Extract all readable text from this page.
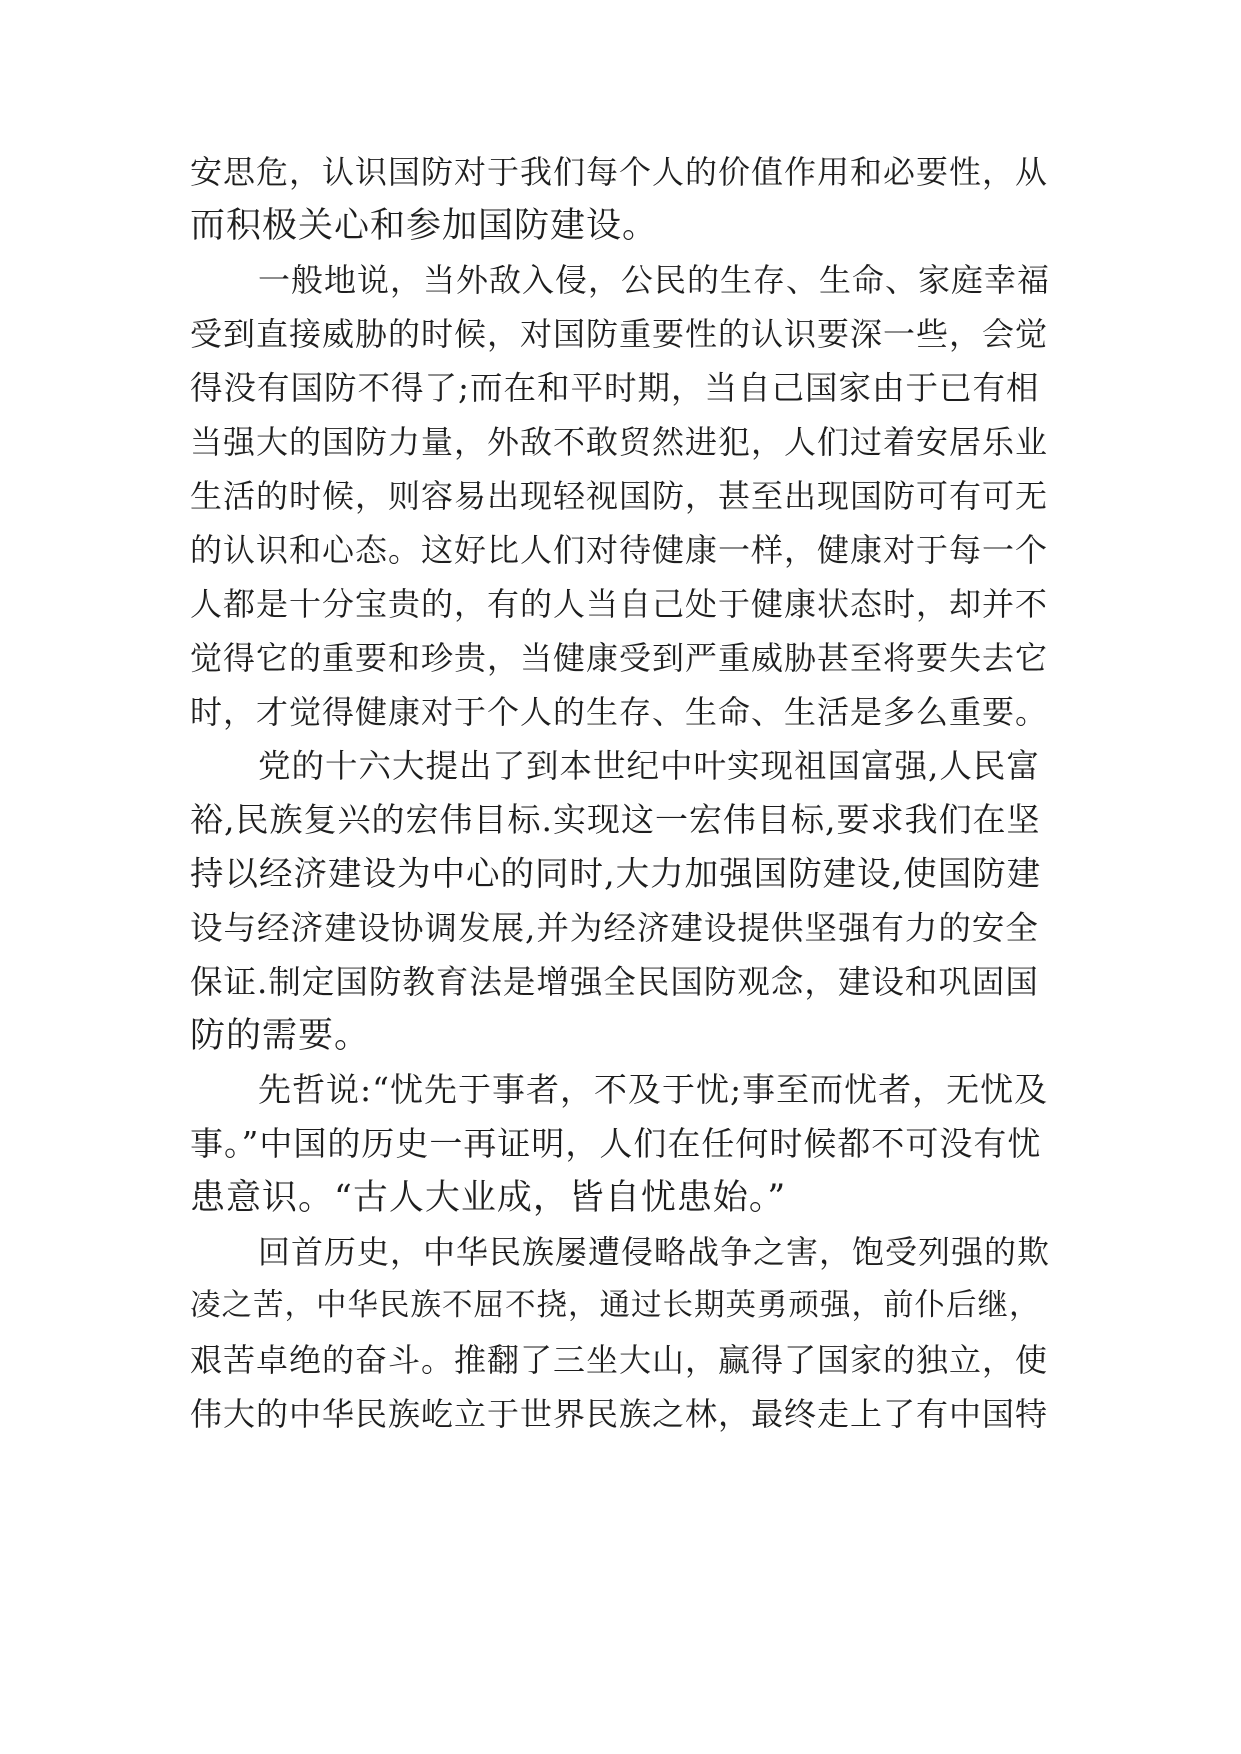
安思危，认识国防对于我们每个人的价值作用和必要性，从
而积极关心和参加国防建设。
一般地说，当外敌入侵，公民的生存、生命、家庭幸福
受到直接威胁的时候，对国防重要性的认识要深一些，会觉
得没有国防不得了;而在和平时期，当自己国家由于已有相
当强大的国防力量，外敌不敢贸然进犯，人们过着安居乐业
生活的时候，则容易出现轻视国防，甚至出现国防可有可无
的认识和心态。这好比人们对待健康一样，健康对于每一个
人都是十分宝贵的，有的人当自己处于健康状态时，却并不
觉得它的重要和珍贵，当健康受到严重威胁甚至将要失去它
时，才觉得健康对于个人的生存、生命、生活是多么重要。
党的十六大提出了到本世纪中叶实现祖国富强,人民富
裕,民族复兴的宏伟目标.实现这一宏伟目标,要求我们在坚
持以经济建设为中心的同时,大力加强国防建设,使国防建
设与经济建设协调发展,并为经济建设提供坚强有力的安全
保证.制定国防教育法是增强全民国防观念，建设和巩固国
防的需要。
先哲说:“忧先于事者，不及于忧;事至而忧者，无忧及
事。”中国的历史一再证明，人们在任何时候都不可没有忧
患意识。“古人大业成，皆自忧患始。”
回首历史，中华民族屡遭侵略战争之害，饱受列强的欺
凌之苦，中华民族不屈不挠，通过长期英勇顽强，前仆后继，
艰苦卓绝的奋斗。推翻了三坐大山，赢得了国家的独立，使
伟大的中华民族屹立于世界民族之林，最终走上了有中国特
